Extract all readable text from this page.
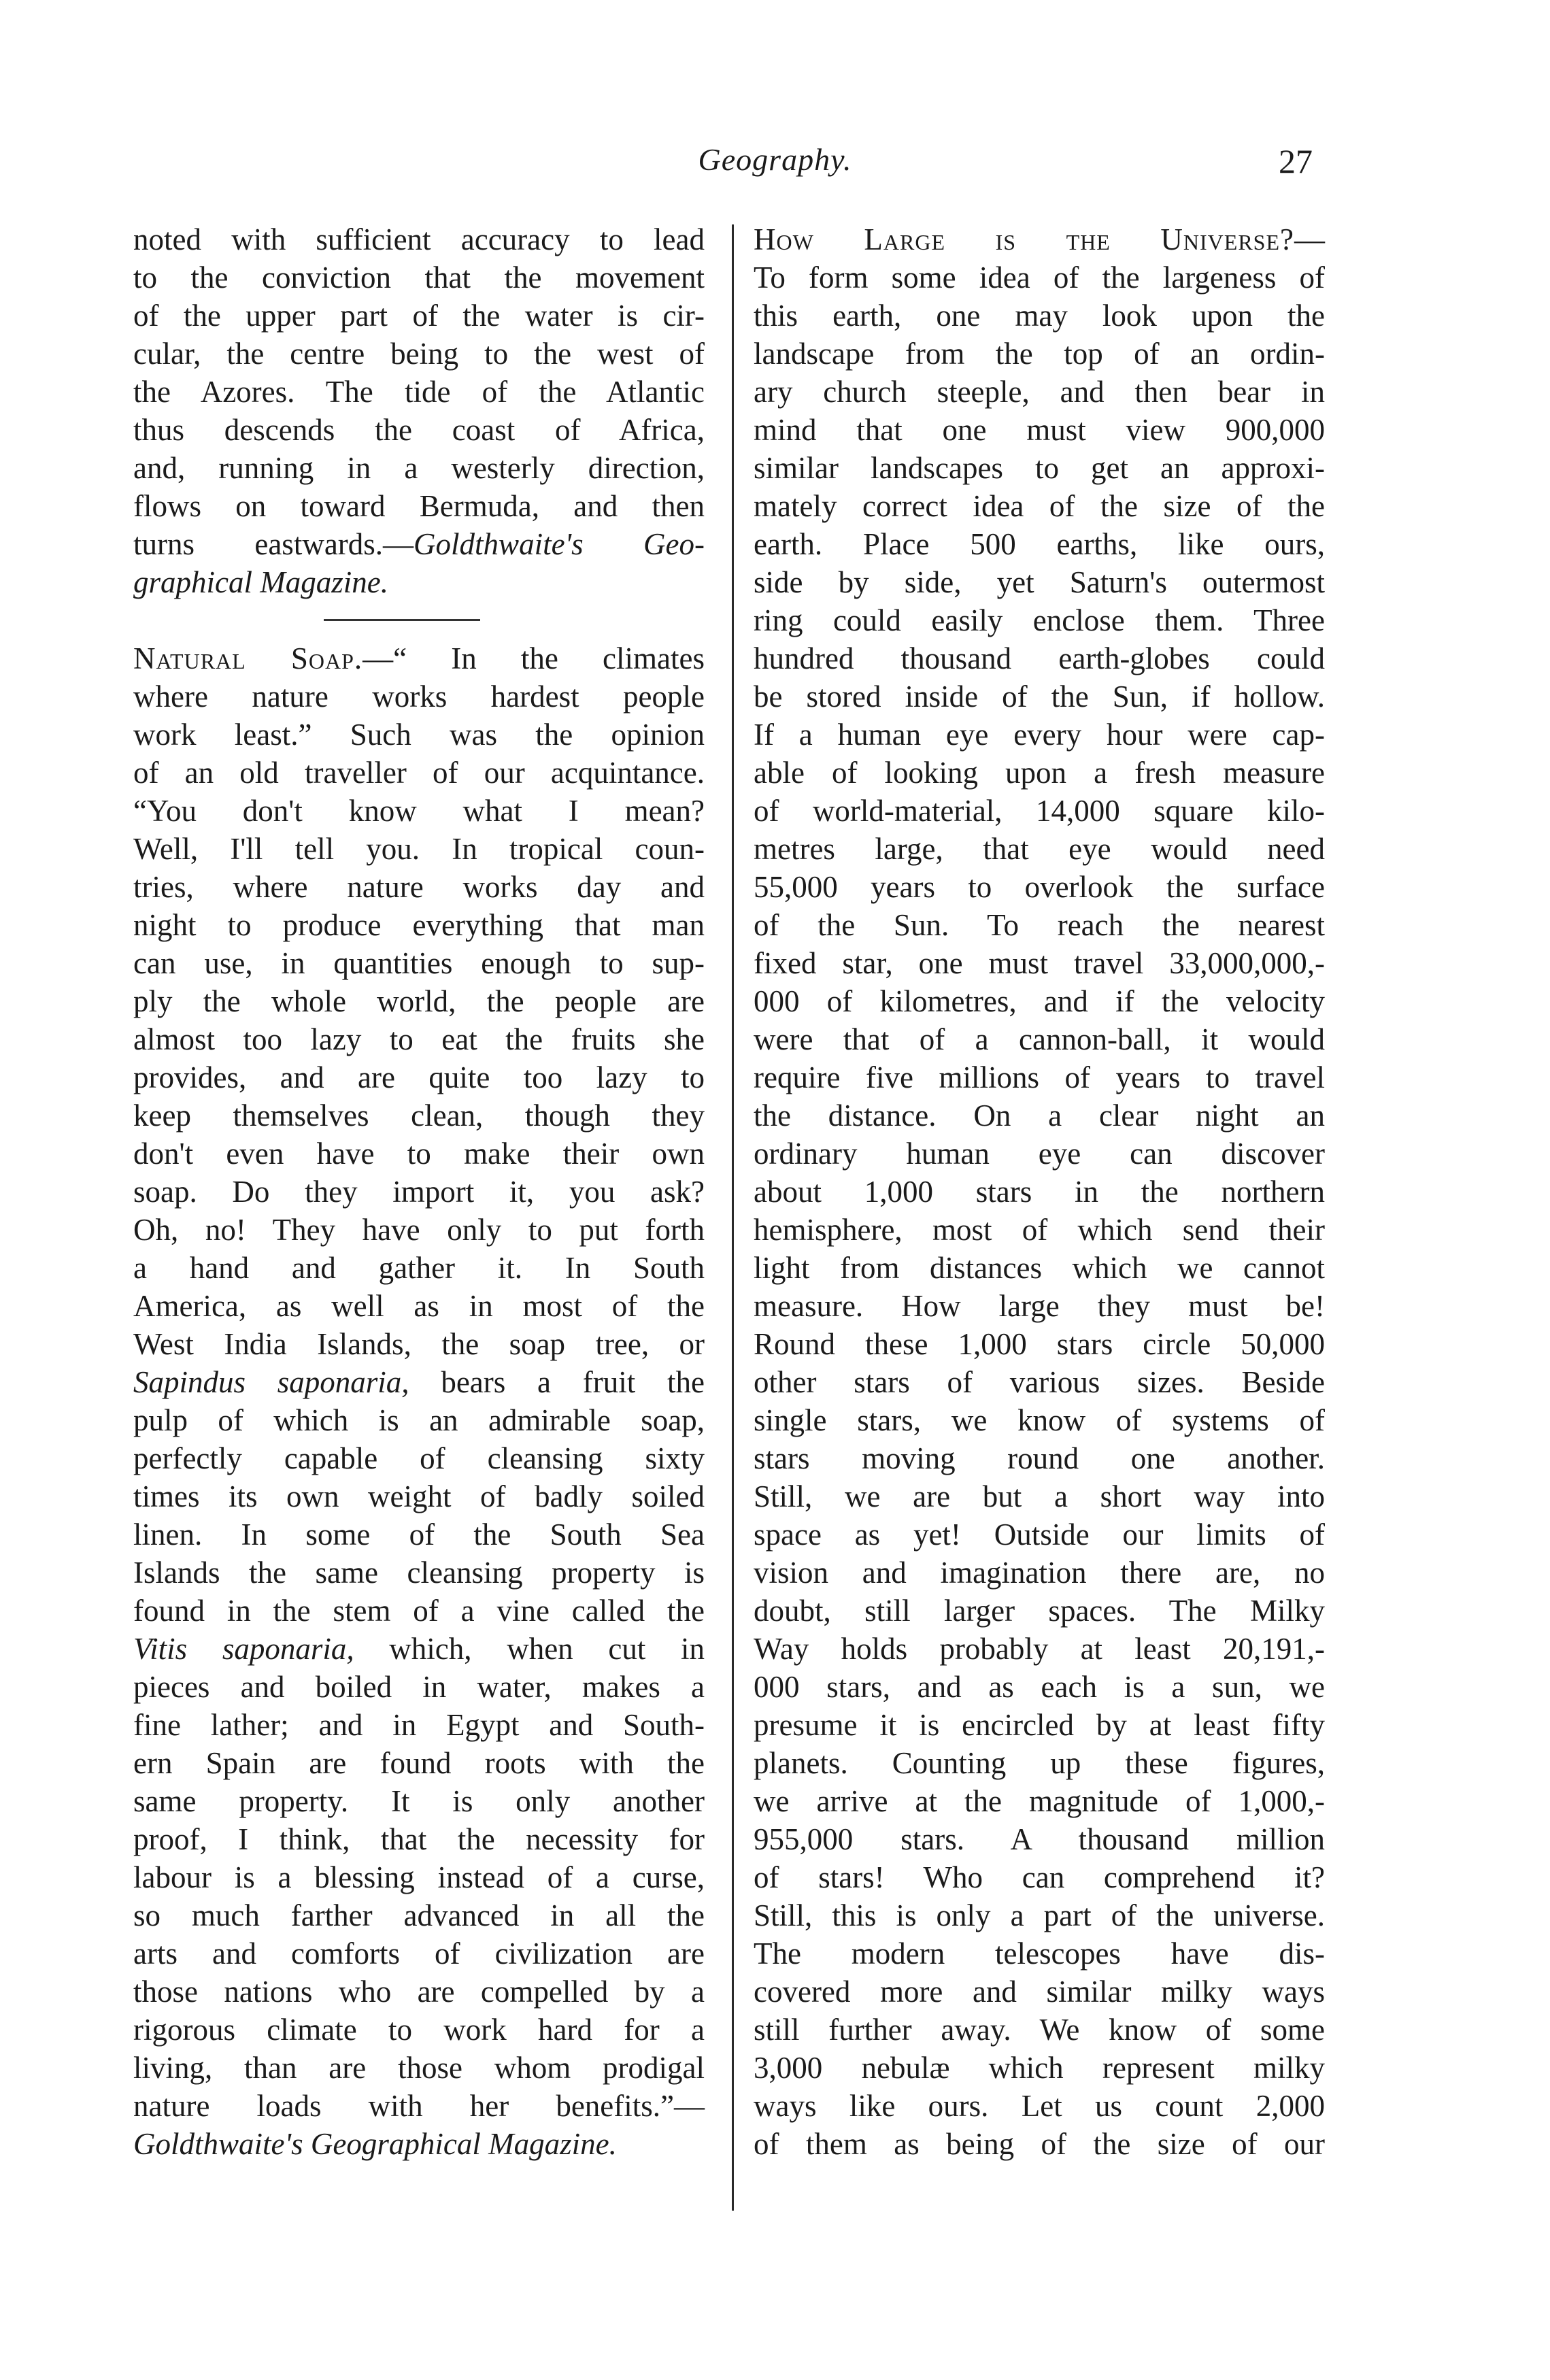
Geography.	27
noted with sufficient accuracy to lead
to the conviction that the movement
of the upper part of the water is cir-
cular, the centre being to the west of
the Azores. The tide of the Atlantic
thus descends the coast of Africa,
and, running in a westerly direction,
flows on toward Bermuda, and then
turns eastwards.—Goldthwaite's Geo-
graphical Magazine.
Natural Soap.—“ In the climates
where nature works hardest people
work least.” Such was the opinion
of an old traveller of our acquintance.
“You don't know what I mean?
Well, I'll tell you. In tropical coun-
tries, where nature works day and
night to produce everything that man
can use, in quantities enough to sup-
ply the whole world, the people are
almost too lazy to eat the fruits she
provides, and are quite too lazy to
keep themselves clean, though they
don't even have to make their own
soap. Do they import it, you ask?
Oh, no! They have only to put forth
a hand and gather it. In South
America, as well as in most of the
West India Islands, the soap tree, or
Sapindus saponaria, bears a fruit the
pulp of which is an admirable soap,
perfectly capable of cleansing sixty
times its own weight of badly soiled
linen. In some of the South Sea
Islands the same cleansing property is
found in the stem of a vine called the
Vitis saponaria, which, when cut in
pieces and boiled in water, makes a
fine lather; and in Egypt and South-
ern Spain are found roots with the
same property. It is only another
proof, I think, that the necessity for
labour is a blessing instead of a curse,
so much farther advanced in all the
arts and comforts of civilization are
those nations who are compelled by a
rigorous climate to work hard for a
living, than are those whom prodigal
nature loads with her benefits.”—
Goldthwaite's Geographical Magazine.
How Large is the Universe?—
To form some idea of the largeness of
this earth, one may look upon the
landscape from the top of an ordin-
ary church steeple, and then bear in
mind that one must view 900,000
similar landscapes to get an approxi-
mately correct idea of the size of the
earth. Place 500 earths, like ours,
side by side, yet Saturn's outermost
ring could easily enclose them. Three
hundred thousand earth-globes could
be stored inside of the Sun, if hollow.
If a human eye every hour were cap-
able of looking upon a fresh measure
of world-material, 14,000 square kilo-
metres large, that eye would need
55,000 years to overlook the surface
of the Sun. To reach the nearest
fixed star, one must travel 33,000,000,-
000 of kilometres, and if the velocity
were that of a cannon-ball, it would
require five millions of years to travel
the distance. On a clear night an
ordinary human eye can discover
about 1,000 stars in the northern
hemisphere, most of which send their
light from distances which we cannot
measure. How large they must be!
Round these 1,000 stars circle 50,000
other stars of various sizes. Beside
single stars, we know of systems of
stars moving round one another.
Still, we are but a short way into
space as yet! Outside our limits of
vision and imagination there are, no
doubt, still larger spaces. The Milky
Way holds probably at least 20,191,-
000 stars, and as each is a sun, we
presume it is encircled by at least fifty
planets. Counting up these figures,
we arrive at the magnitude of 1,000,-
955,000 stars. A thousand million
of stars! Who can comprehend it?
Still, this is only a part of the universe.
The modern telescopes have dis-
covered more and similar milky ways
still further away. We know of some
3,000 nebulæ which represent milky
ways like ours. Let us count 2,000
of them as being of the size of our
